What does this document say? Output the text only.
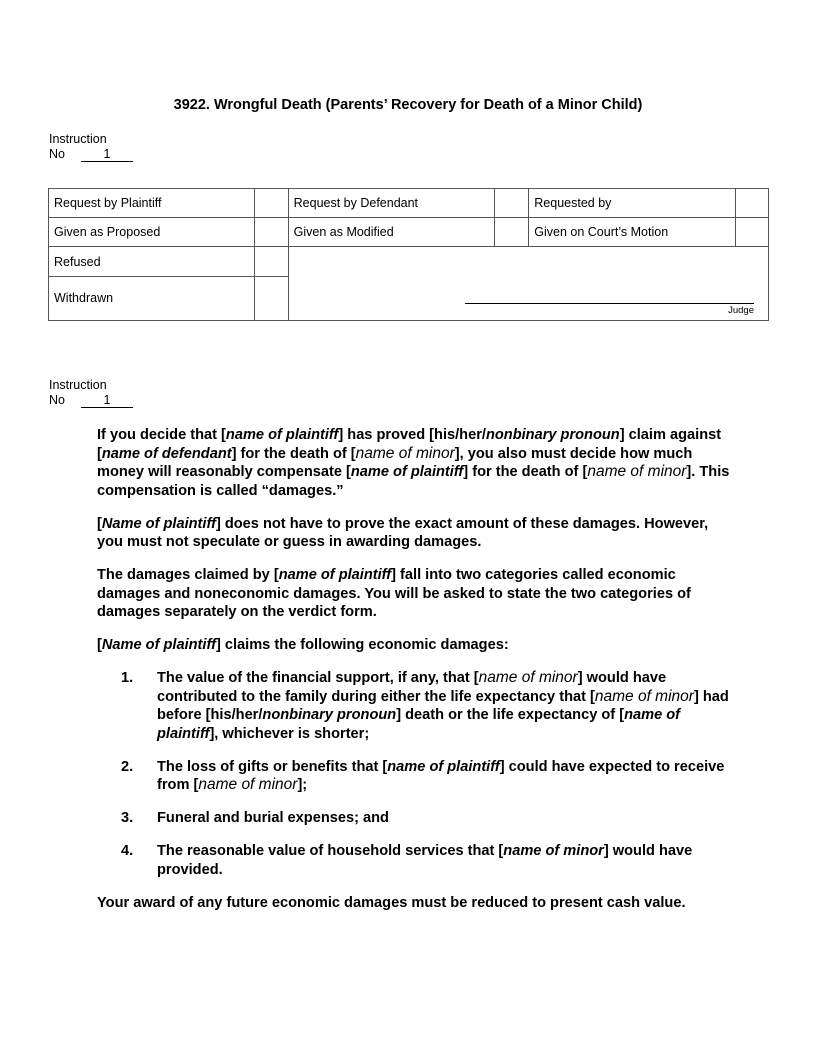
3922. Wrongful Death (Parents’ Recovery for Death of a Minor Child)
Instruction
No	1
Request by Plaintiff		Request by Defendant		Requested by	
Given as Proposed		Given as Modified		Given on Court’s Motion	
Refused		Judge			

Withdrawn					
Instruction
No	1

If you decide that [name of plaintiff] has proved [his/her/nonbinary pronoun] claim against [name of defendant] for the death of [name of minor], you also must decide how much money will reasonably compensate [name of plaintiff] for the death of [name of minor]. This compensation is called “damages.”

[Name of plaintiff] does not have to prove the exact amount of these damages. However, you must not speculate or guess in awarding damages.

The damages claimed by [name of plaintiff] fall into two categories called economic damages and noneconomic damages. You will be asked to state the two categories of damages separately on the verdict form.

[Name of plaintiff] claims the following economic damages:

1. The value of the financial support, if any, that [name of minor] would have contributed to the family during either the life expectancy that [name of minor] had before [his/her/nonbinary pronoun] death or the life expectancy of [name of plaintiff], whichever is shorter;
2. The loss of gifts or benefits that [name of plaintiff] could have expected to receive from [name of minor];
3. Funeral and burial expenses; and
4. The reasonable value of household services that [name of minor] would have provided.

Your award of any future economic damages must be reduced to present cash value.
